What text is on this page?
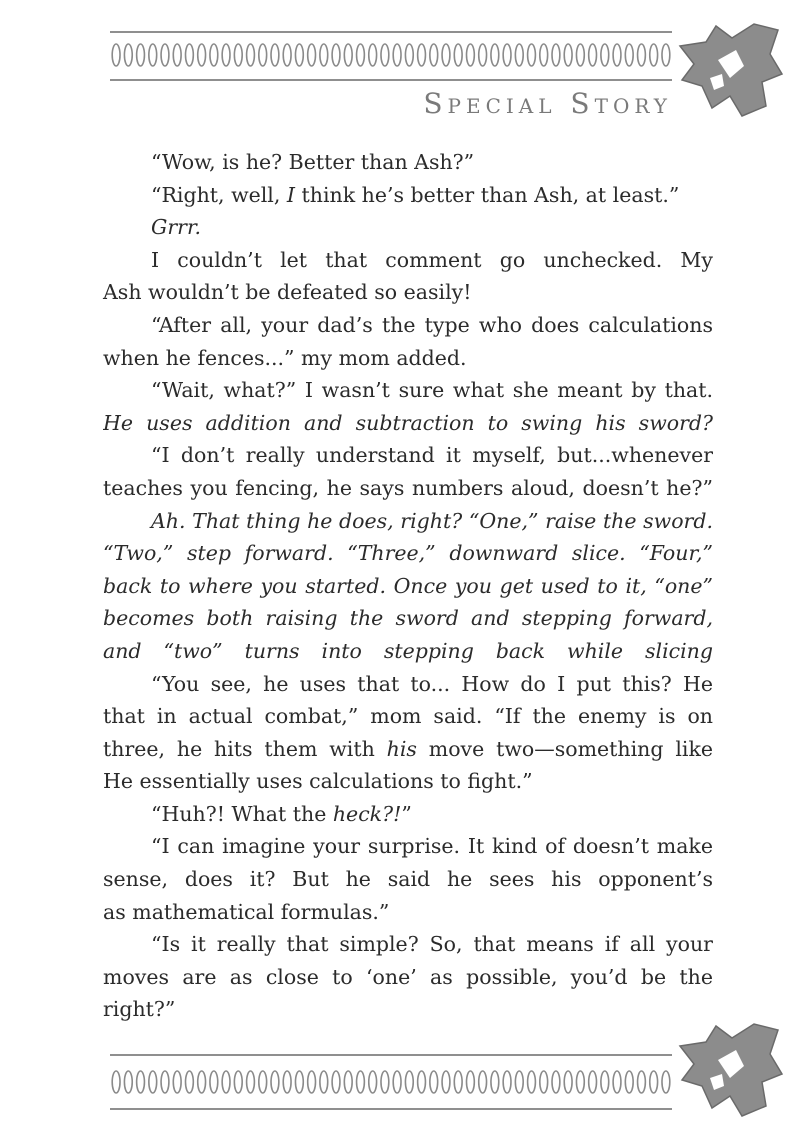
Special Story
“Wow, is he? Better than Ash?”
“Right, well, I think he’s better than Ash, at least.”
Grrr.
I couldn’t let that comment go unchecked. My
Ash wouldn’t be defeated so easily!
“After all, your dad’s the type who does calculations
when he fences...” my mom added.
“Wait, what?” I wasn’t sure what she meant by that.
He uses addition and subtraction to swing his sword?
“I don’t really understand it myself, but...whenever
teaches you fencing, he says numbers aloud, doesn’t he?”
Ah. That thing he does, right? “One,” raise the sword.
“Two,” step forward. “Three,” downward slice. “Four,”
back to where you started. Once you get used to it, “one”
becomes both raising the sword and stepping forward,
and “two” turns into stepping back while slicing
“You see, he uses that to... How do I put this? He
that in actual combat,” mom said. “If the enemy is on
three, he hits them with his move two—something like
He essentially uses calculations to fight.”
“Huh?! What the heck?!”
“I can imagine your surprise. It kind of doesn’t make
sense, does it? But he said he sees his opponent’s
as mathematical formulas.”
“Is it really that simple? So, that means if all your
moves are as close to ‘one’ as possible, you’d be the
right?”
